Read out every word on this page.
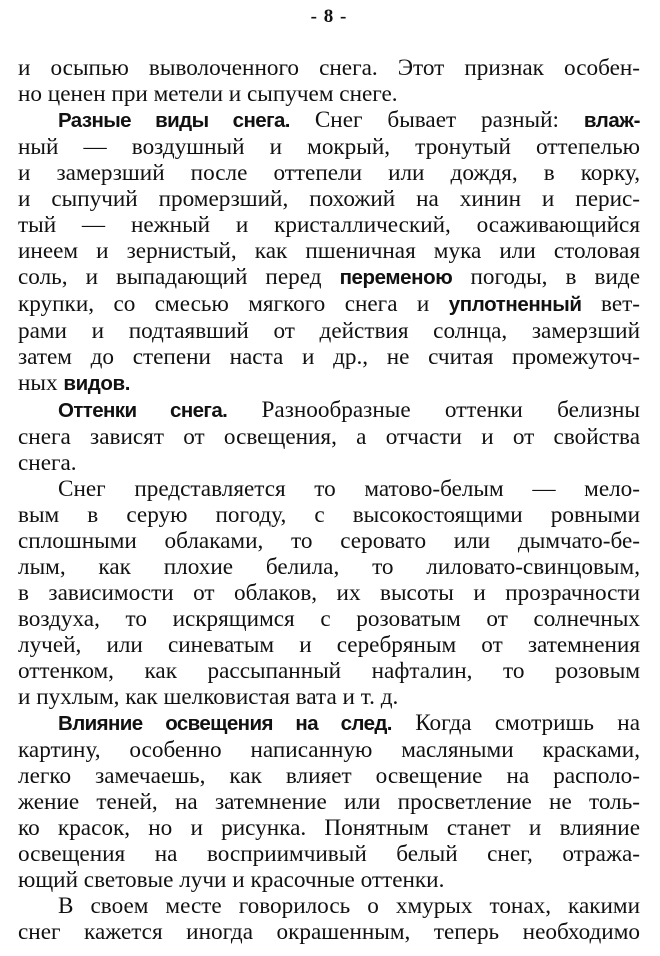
- 8 -
и осыпью выволоченного снега. Этот признак особен-
но ценен при метели и сыпучем снеге.
Разные виды снега. Снег бывает разный: влаж-
ный — воздушный и мокрый, тронутый оттепелью
и замерзший после оттепели или дождя, в корку,
и сыпучий промерзший, похожий на хинин и перис-
тый — нежный и кристаллический, осаживающийся
инеем и зернистый, как пшеничная мука или столовая
соль, и выпадающий перед переменою погоды, в виде
крупки, со смесью мягкого снега и уплотненный вет-
рами и подтаявший от действия солнца, замерзший
затем до степени наста и др., не считая промежуточ-
ных видов.
Оттенки снега. Разнообразные оттенки белизны
снега зависят от освещения, а отчасти и от свойства
снега.
Снег представляется то матово-белым — мело-
вым в серую погоду, с высокостоящими ровными
сплошными облаками, то серовато или дымчато-бе-
лым, как плохие белила, то лиловато-свинцовым,
в зависимости от облаков, их высоты и прозрачности
воздуха, то искрящимся с розоватым от солнечных
лучей, или синеватым и серебряным от затемнения
оттенком, как рассыпанный нафталин, то розовым
и пухлым, как шелковистая вата и т. д.
Влияние освещения на след. Когда смотришь на
картину, особенно написанную масляными красками,
легко замечаешь, как влияет освещение на располо-
жение теней, на затемнение или просветление не толь-
ко красок, но и рисунка. Понятным станет и влияние
освещения на восприимчивый белый снег, отража-
ющий световые лучи и красочные оттенки.
В своем месте говорилось о хмурых тонах, какими
снег кажется иногда окрашенным, теперь необходимо
